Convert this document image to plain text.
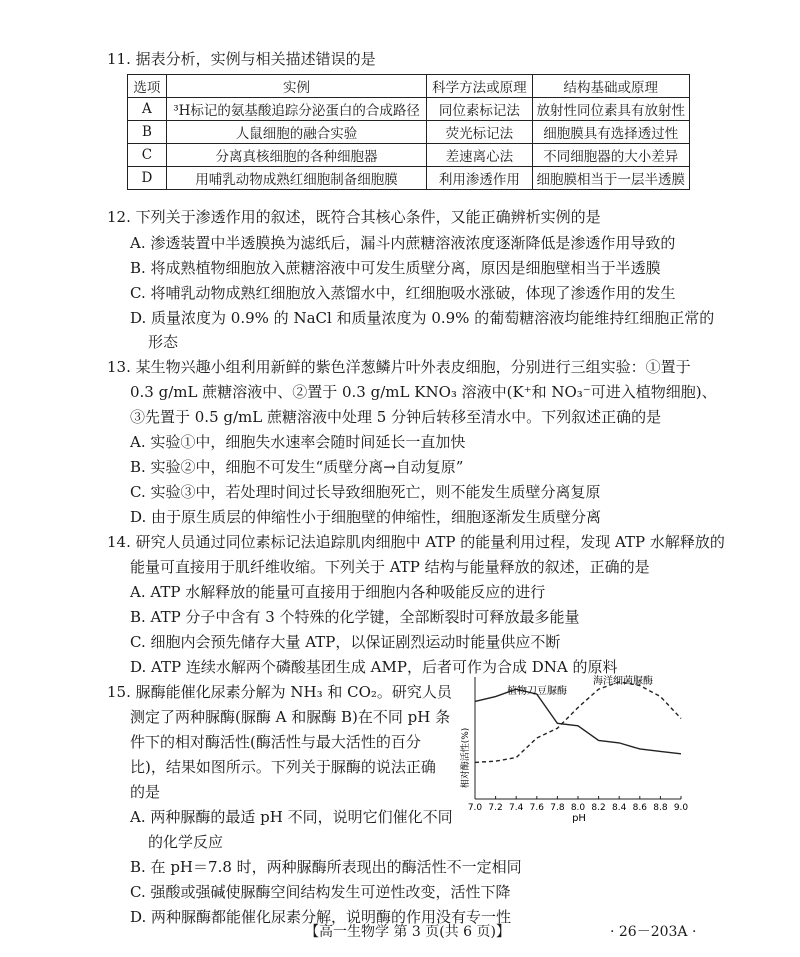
11. 据表分析，实例与相关描述错误的是
选项	实例	科学方法或原理	结构基础或原理
A	³H标记的氨基酸追踪分泌蛋白的合成路径	同位素标记法	放射性同位素具有放射性
B	人鼠细胞的融合实验	荧光标记法	细胞膜具有选择透过性
C	分离真核细胞的各种细胞器	差速离心法	不同细胞器的大小差异
D	用哺乳动物成熟红细胞制备细胞膜	利用渗透作用	细胞膜相当于一层半透膜
12. 下列关于渗透作用的叙述，既符合其核心条件，又能正确辨析实例的是
A. 渗透装置中半透膜换为滤纸后，漏斗内蔗糖溶液浓度逐渐降低是渗透作用导致的
B. 将成熟植物细胞放入蔗糖溶液中可发生质壁分离，原因是细胞壁相当于半透膜
C. 将哺乳动物成熟红细胞放入蒸馏水中，红细胞吸水涨破，体现了渗透作用的发生
D. 质量浓度为 0.9% 的 NaCl 和质量浓度为 0.9% 的葡萄糖溶液均能维持红细胞正常的
形态
13. 某生物兴趣小组利用新鲜的紫色洋葱鳞片叶外表皮细胞，分别进行三组实验：①置于
0.3 g/mL 蔗糖溶液中、②置于 0.3 g/mL KNO₃ 溶液中(K⁺和 NO₃⁻可进入植物细胞)、
③先置于 0.5 g/mL 蔗糖溶液中处理 5 分钟后转移至清水中。下列叙述正确的是
A. 实验①中，细胞失水速率会随时间延长一直加快
B. 实验②中，细胞不可发生“质壁分离→自动复原”
C. 实验③中，若处理时间过长导致细胞死亡，则不能发生质壁分离复原
D. 由于原生质层的伸缩性小于细胞壁的伸缩性，细胞逐渐发生质壁分离
14. 研究人员通过同位素标记法追踪肌肉细胞中 ATP 的能量利用过程，发现 ATP 水解释放的
能量可直接用于肌纤维收缩。下列关于 ATP 结构与能量释放的叙述，正确的是
A. ATP 水解释放的能量可直接用于细胞内各种吸能反应的进行
B. ATP 分子中含有 3 个特殊的化学键，全部断裂时可释放最多能量
C. 细胞内会预先储存大量 ATP，以保证剧烈运动时能量供应不断
D. ATP 连续水解两个磷酸基团生成 AMP，后者可作为合成 DNA 的原料
15. 脲酶能催化尿素分解为 NH₃ 和 CO₂。研究人员
测定了两种脲酶(脲酶 A 和脲酶 B)在不同 pH 条
件下的相对酶活性(酶活性与最大活性的百分
比)，结果如图所示。下列关于脲酶的说法正确
的是
A. 两种脲酶的最适 pH 不同，说明它们催化不同
的化学反应
B. 在 pH＝7.8 时，两种脲酶所表现出的酶活性不一定相同
C. 强酸或强碱使脲酶空间结构发生可逆性改变，活性下降
D. 两种脲酶都能催化尿素分解，说明酶的作用没有专一性
7.0 7.2 7.4 7.6 7.8 8.0 8.2 8.4 8.6 8.8 9.0
植物刀豆脲酶
海洋细菌脲酶
相对酶活性(%)
pH
【高一生物学 第 3 页(共 6 页)】	· 26－203A ·
